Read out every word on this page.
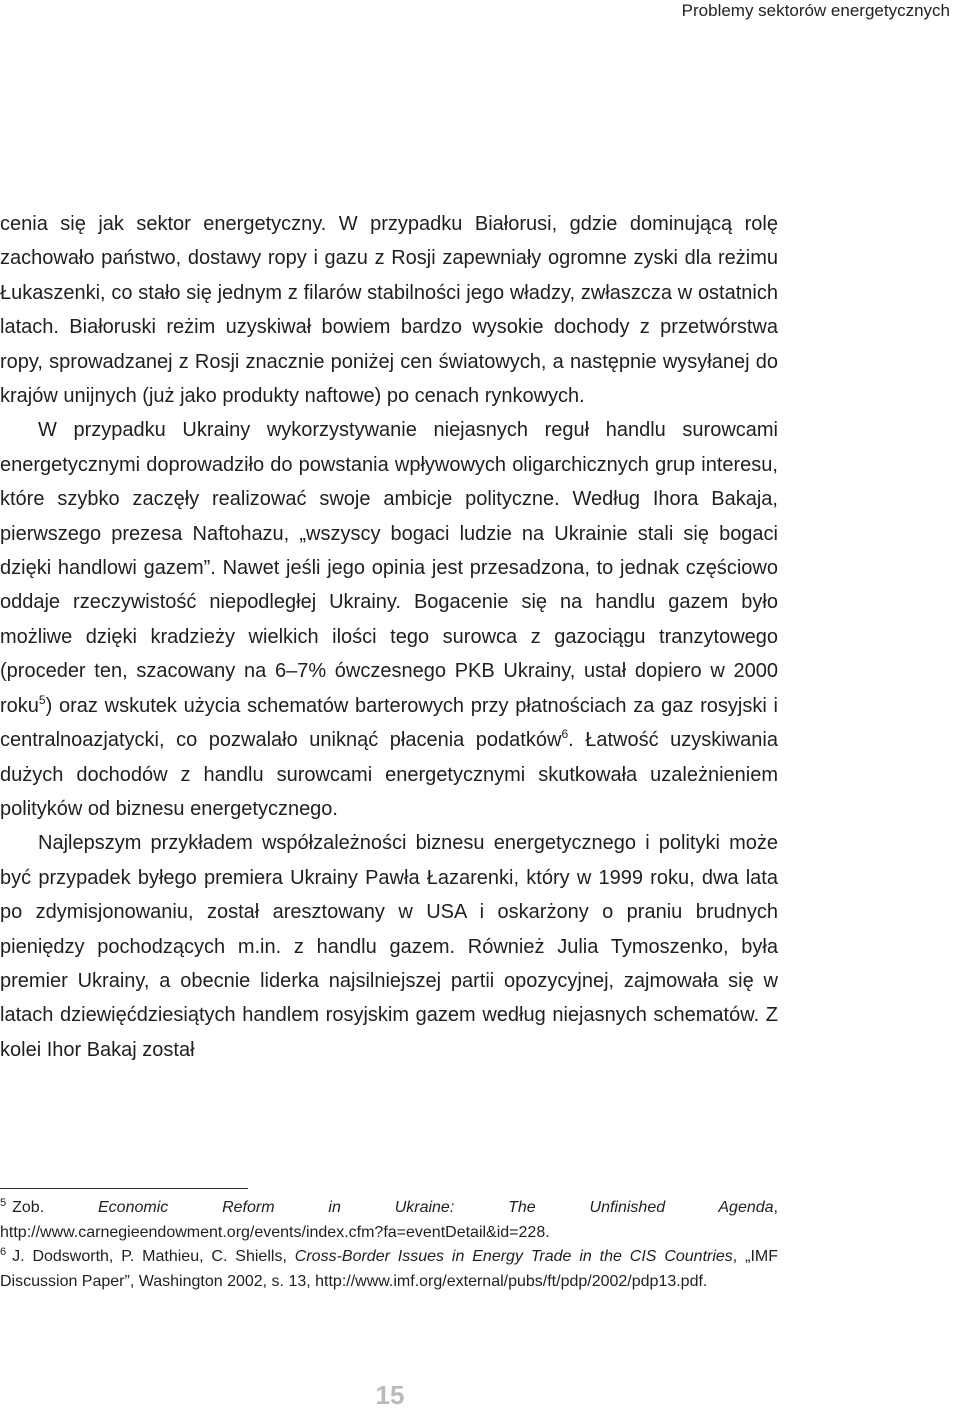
Problemy sektorów energetycznych

cenia się jak sektor energetyczny. W przypadku Białorusi, gdzie dominującą rolę zachowało państwo, dostawy ropy i gazu z Rosji zapewniały ogromne zyski dla reżimu Łukaszenki, co stało się jednym z filarów stabilności jego władzy, zwłaszcza w ostatnich latach. Białoruski reżim uzyskiwał bowiem bardzo wysokie dochody z przetwórstwa ropy, sprowadzanej z Rosji znacznie poniżej cen światowych, a następnie wysyłanej do krajów unijnych (już jako produkty naftowe) po cenach rynkowych.

W przypadku Ukrainy wykorzystywanie niejasnych reguł handlu surowcami energetycznymi doprowadziło do powstania wpływowych oligarchicznych grup interesu, które szybko zaczęły realizować swoje ambicje polityczne. Według Ihora Bakaja, pierwszego prezesa Naftohazu, „wszyscy bogaci ludzie na Ukrainie stali się bogaci dzięki handlowi gazem”. Nawet jeśli jego opinia jest przesadzona, to jednak częściowo oddaje rzeczywistość niepodległej Ukrainy. Bogacenie się na handlu gazem było możliwe dzięki kradzieży wielkich ilości tego surowca z gazociągu tranzytowego (proceder ten, szacowany na 6–7% ówczesnego PKB Ukrainy, ustał dopiero w 2000 roku$^5$) oraz wskutek użycia schematów barterowych przy płatnościach za gaz rosyjski i centralnoazjatycki, co pozwalało uniknąć płacenia podatków$^6$. Łatwość uzyskiwania dużych dochodów z handlu surowcami energetycznymi skutkowała uzależnieniem polityków od biznesu energetycznego.

Najlepszym przykładem współzależności biznesu energetycznego i polityki może być przypadek byłego premiera Ukrainy Pawła Łazarenki, który w 1999 roku, dwa lata po zdymisjonowaniu, został aresztowany w USA i oskarżony o praniu brudnych pieniędzy pochodzących m.in. z handlu gazem. Również Julia Tymoszenko, była premier Ukrainy, a obecnie liderka najsilniejszej partii opozycyjnej, zajmowała się w latach dziewięćdziesiątych handlem rosyjskim gazem według niejasnych schematów. Z kolei Ihor Bakaj został

$^5$ Zob. Economic Reform in Ukraine: The Unfinished Agenda, http://www.carnegieendowment.org/events/index.cfm?fa=eventDetail&id=228.

$^6$ J. Dodsworth, P. Mathieu, C. Shiells, Cross-Border Issues in Energy Trade in the CIS Countries, „IMF Discussion Paper”, Washington 2002, s. 13, http://www.imf.org/external/pubs/ft/pdp/2002/pdp13.pdf.

15
